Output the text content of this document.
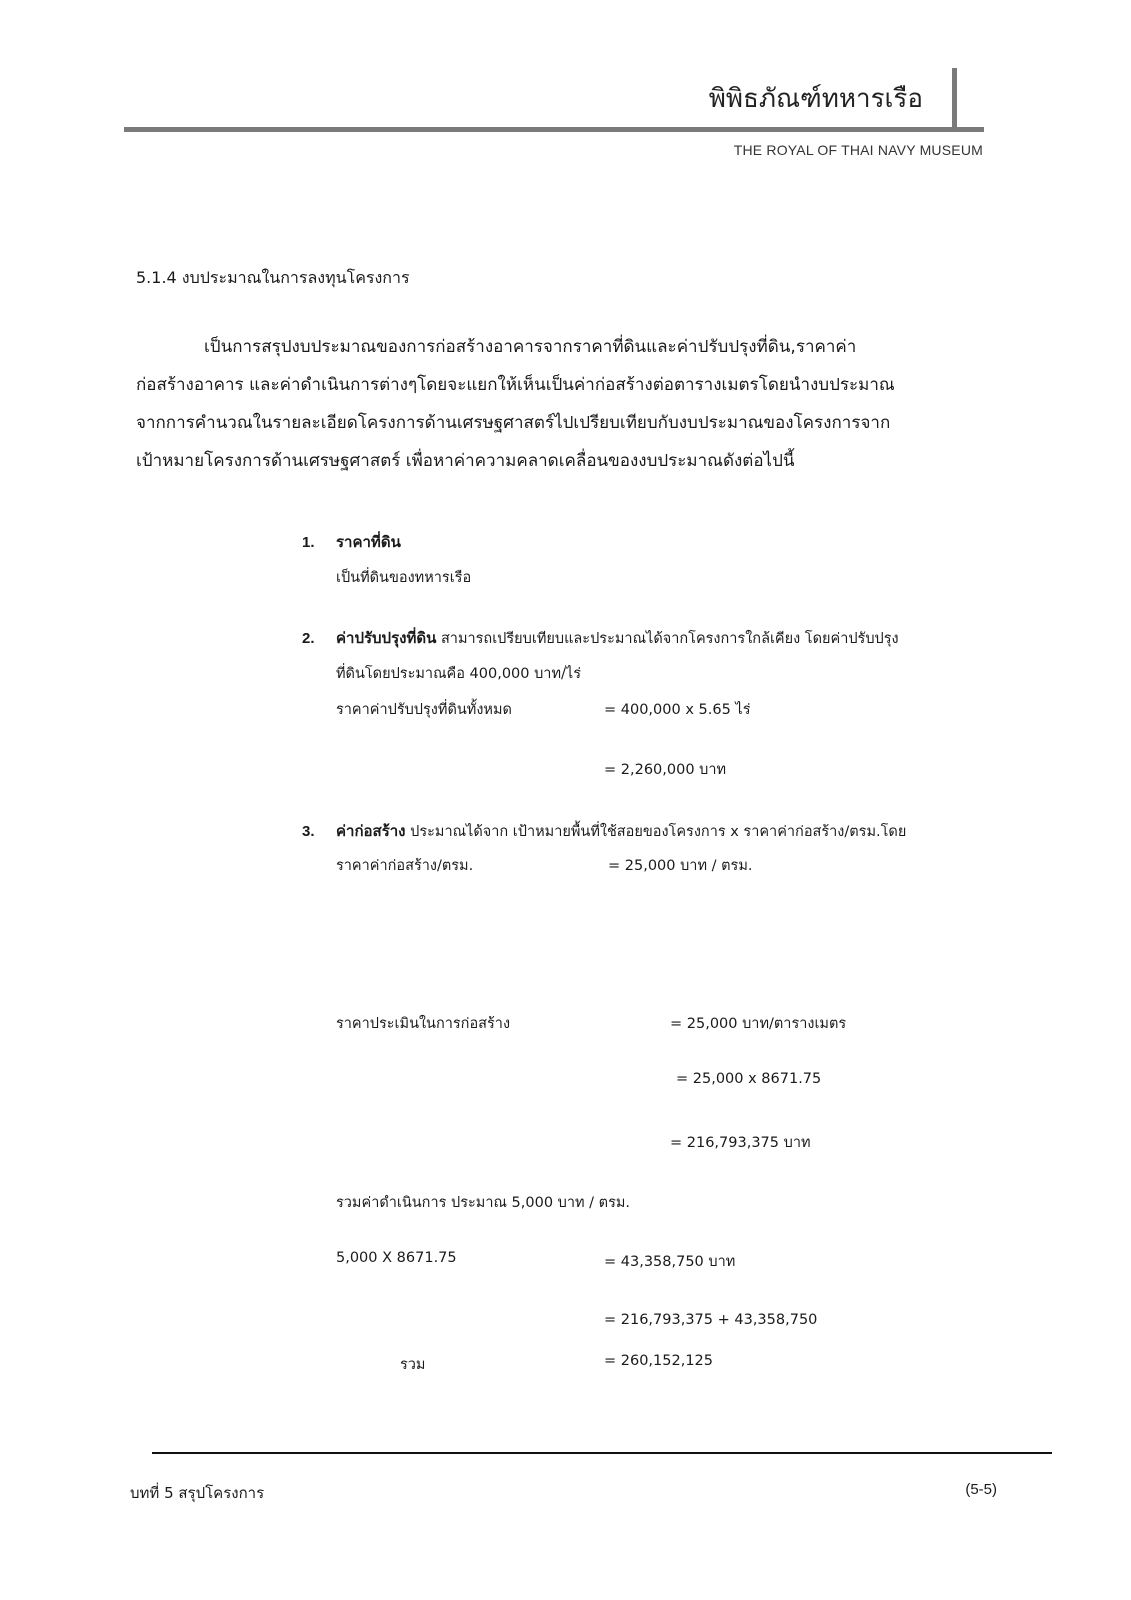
พิพิธภัณฑ์ทหารเรือ
THE ROYAL OF THAI NAVY MUSEUM
5.1.4 งบประมาณในการลงทุนโครงการ

เป็นการสรุปงบประมาณของการก่อสร้างอาคารจากราคาที่ดินและค่าปรับปรุงที่ดิน,ราคาค่า

ก่อสร้างอาคาร และค่าดำเนินการต่างๆโดยจะแยกให้เห็นเป็นค่าก่อสร้างต่อตารางเมตรโดยนำงบประมาณ

จากการคำนวณในรายละเอียดโครงการด้านเศรษฐศาสตร์ไปเปรียบเทียบกับงบประมาณของโครงการจาก

เป้าหมายโครงการด้านเศรษฐศาสตร์ เพื่อหาค่าความคลาดเคลื่อนของงบประมาณดังต่อไปนี้

1. ราคาที่ดิน
เป็นที่ดินของทหารเรือ
2. ค่าปรับปรุงที่ดิน สามารถเปรียบเทียบและประมาณได้จากโครงการใกล้เคียง โดยค่าปรับปรุง
ที่ดินโดยประมาณคือ 400,000 บาท/ไร่
ราคาค่าปรับปรุงที่ดินทั้งหมด	= 400,000 x 5.65 ไร่
= 2,260,000 บาท
3. ค่าก่อสร้าง ประมาณได้จาก เป้าหมายพื้นที่ใช้สอยของโครงการ x ราคาค่าก่อสร้าง/ตรม.โดย
ราคาค่าก่อสร้าง/ตรม.	= 25,000 บาท / ตรม.
ราคาประเมินในการก่อสร้าง	= 25,000 บาท/ตารางเมตร
= 25,000 x 8671.75
= 216,793,375 บาท
รวมค่าดำเนินการ ประมาณ 5,000 บาท / ตรม.
5,000 X 8671.75	= 43,358,750 บาท
= 216,793,375 + 43,358,750
รวม	= 260,152,125
บทที่ 5 สรุปโครงการ	(5-5)
